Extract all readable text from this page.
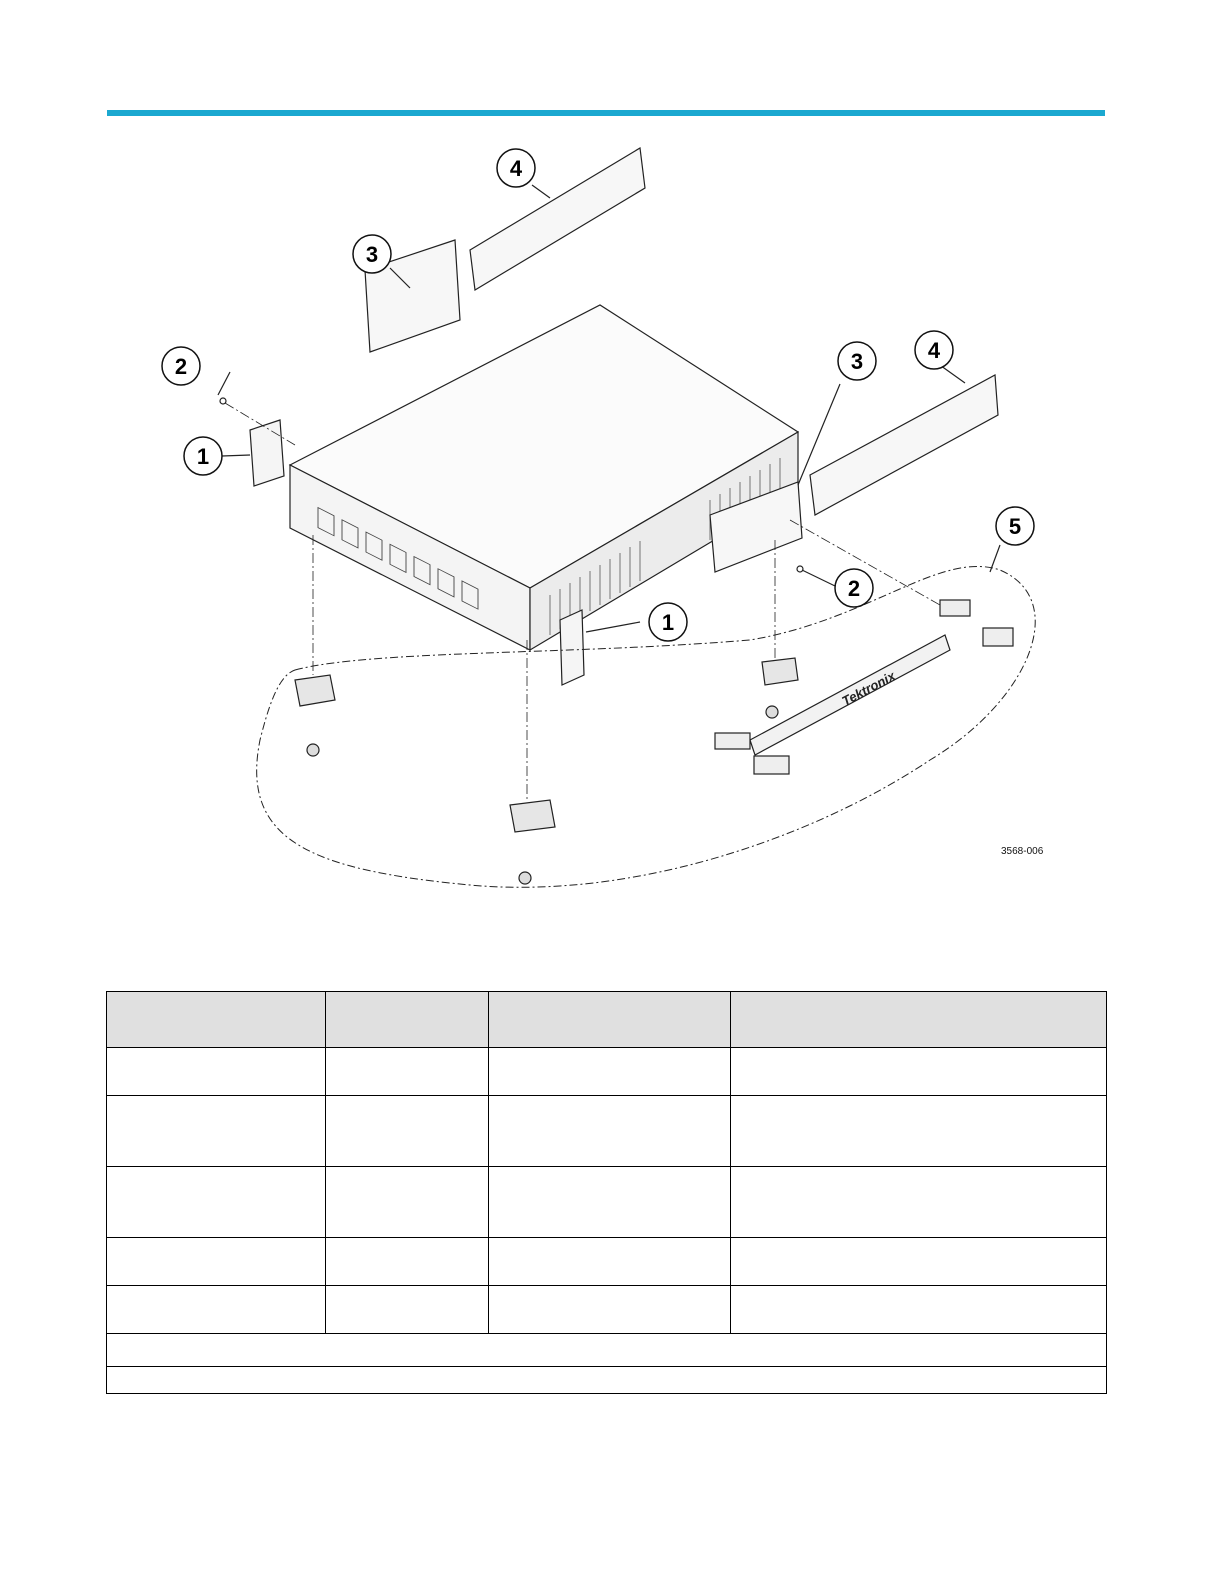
Tektronix
4
3
2
1
3	4
5
2
1
3568-006
